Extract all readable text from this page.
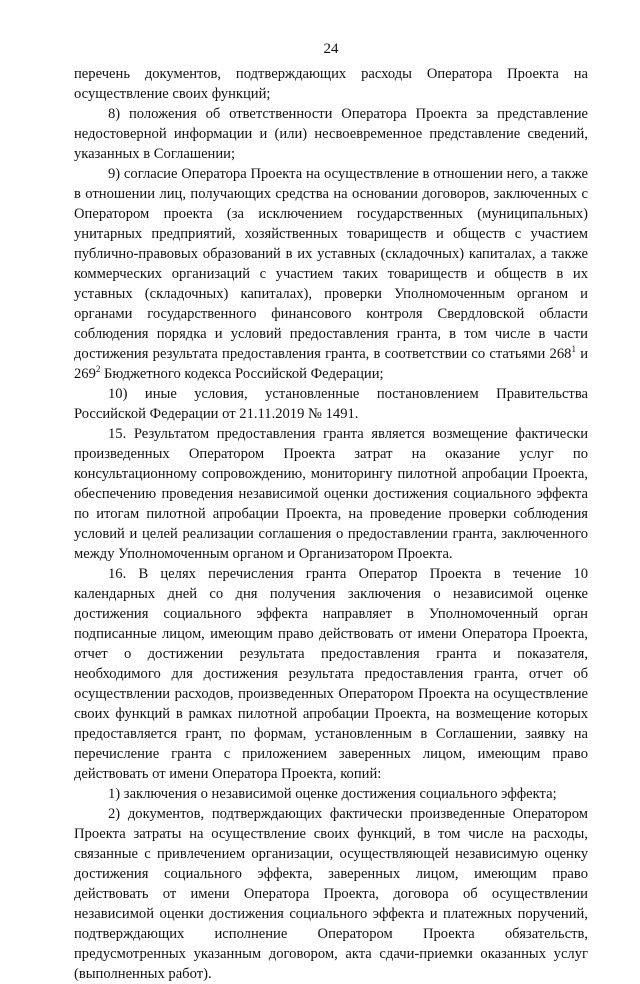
24

перечень документов, подтверждающих расходы Оператора Проекта на осуществление своих функций;

8) положения об ответственности Оператора Проекта за представление недостоверной информации и (или) несвоевременное представление сведений, указанных в Соглашении;

9) согласие Оператора Проекта на осуществление в отношении него, а также в отношении лиц, получающих средства на основании договоров, заключенных с Оператором проекта (за исключением государственных (муниципальных) унитарных предприятий, хозяйственных товариществ и обществ с участием публично-правовых образований в их уставных (складочных) капиталах, а также коммерческих организаций с участием таких товариществ и обществ в их уставных (складочных) капиталах), проверки Уполномоченным органом и органами государственного финансового контроля Свердловской области соблюдения порядка и условий предоставления гранта, в том числе в части достижения результата предоставления гранта, в соответствии со статьями $268^1$ и $269^2$ Бюджетного кодекса Российской Федерации;

10) иные условия, установленные постановлением Правительства Российской Федерации от 21.11.2019 № 1491.

15. Результатом предоставления гранта является возмещение фактически произведенных Оператором Проекта затрат на оказание услуг по консультационному сопровождению, мониторингу пилотной апробации Проекта, обеспечению проведения независимой оценки достижения социального эффекта по итогам пилотной апробации Проекта, на проведение проверки соблюдения условий и целей реализации соглашения о предоставлении гранта, заключенного между Уполномоченным органом и Организатором Проекта.

16. В целях перечисления гранта Оператор Проекта в течение 10 календарных дней со дня получения заключения о независимой оценке достижения социального эффекта направляет в Уполномоченный орган подписанные лицом, имеющим право действовать от имени Оператора Проекта, отчет о достижении результата предоставления гранта и показателя, необходимого для достижения результата предоставления гранта, отчет об осуществлении расходов, произведенных Оператором Проекта на осуществление своих функций в рамках пилотной апробации Проекта, на возмещение которых предоставляется грант, по формам, установленным в Соглашении, заявку на перечисление гранта с приложением заверенных лицом, имеющим право действовать от имени Оператора Проекта, копий:

1) заключения о независимой оценке достижения социального эффекта;

2) документов, подтверждающих фактически произведенные Оператором Проекта затраты на осуществление своих функций, в том числе на расходы, связанные с привлечением организации, осуществляющей независимую оценку достижения социального эффекта, заверенных лицом, имеющим право действовать от имени Оператора Проекта, договора об осуществлении независимой оценки достижения социального эффекта и платежных поручений, подтверждающих исполнение Оператором Проекта обязательств, предусмотренных указанным договором, акта сдачи-приемки оказанных услуг (выполненных работ).
